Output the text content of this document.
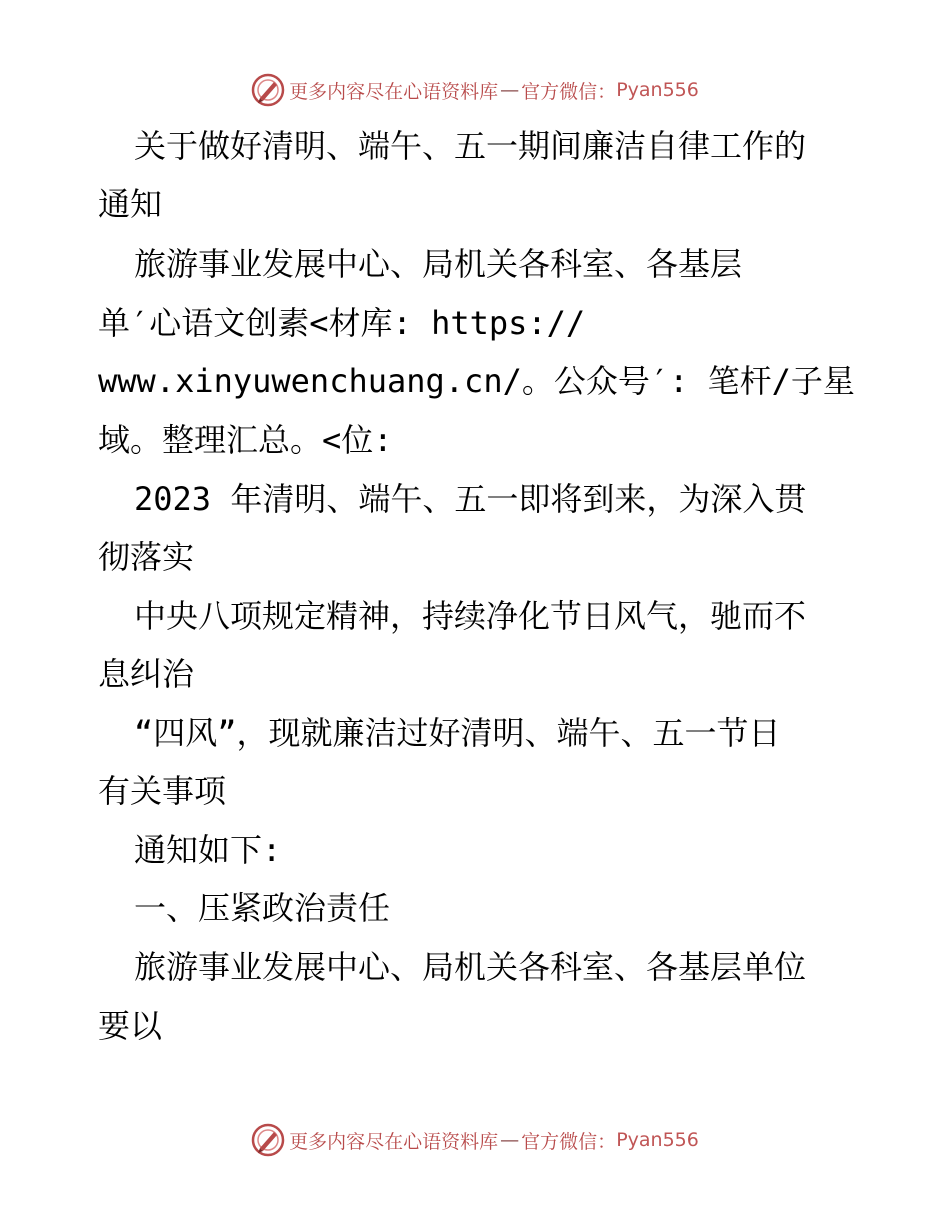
更多内容尽在心语资料库 — 官方微信： Pyan556
关于做好清明、端午、五一期间廉洁自律工作的
通知
旅游事业发展中心、局机关各科室、各基层
单′心语文创素<材库: https://
www.xinyuwenchuang.cn/。公众号′: 笔杆/子星
域。整理汇总。<位:
2023 年清明、端午、五一即将到来，为深入贯
彻落实
中央八项规定精神，持续净化节日风气，驰而不
息纠治
“四风”，现就廉洁过好清明、端午、五一节日
有关事项
通知如下:
一、压紧政治责任
旅游事业发展中心、局机关各科室、各基层单位
要以
更多内容尽在心语资料库 — 官方微信： Pyan556
